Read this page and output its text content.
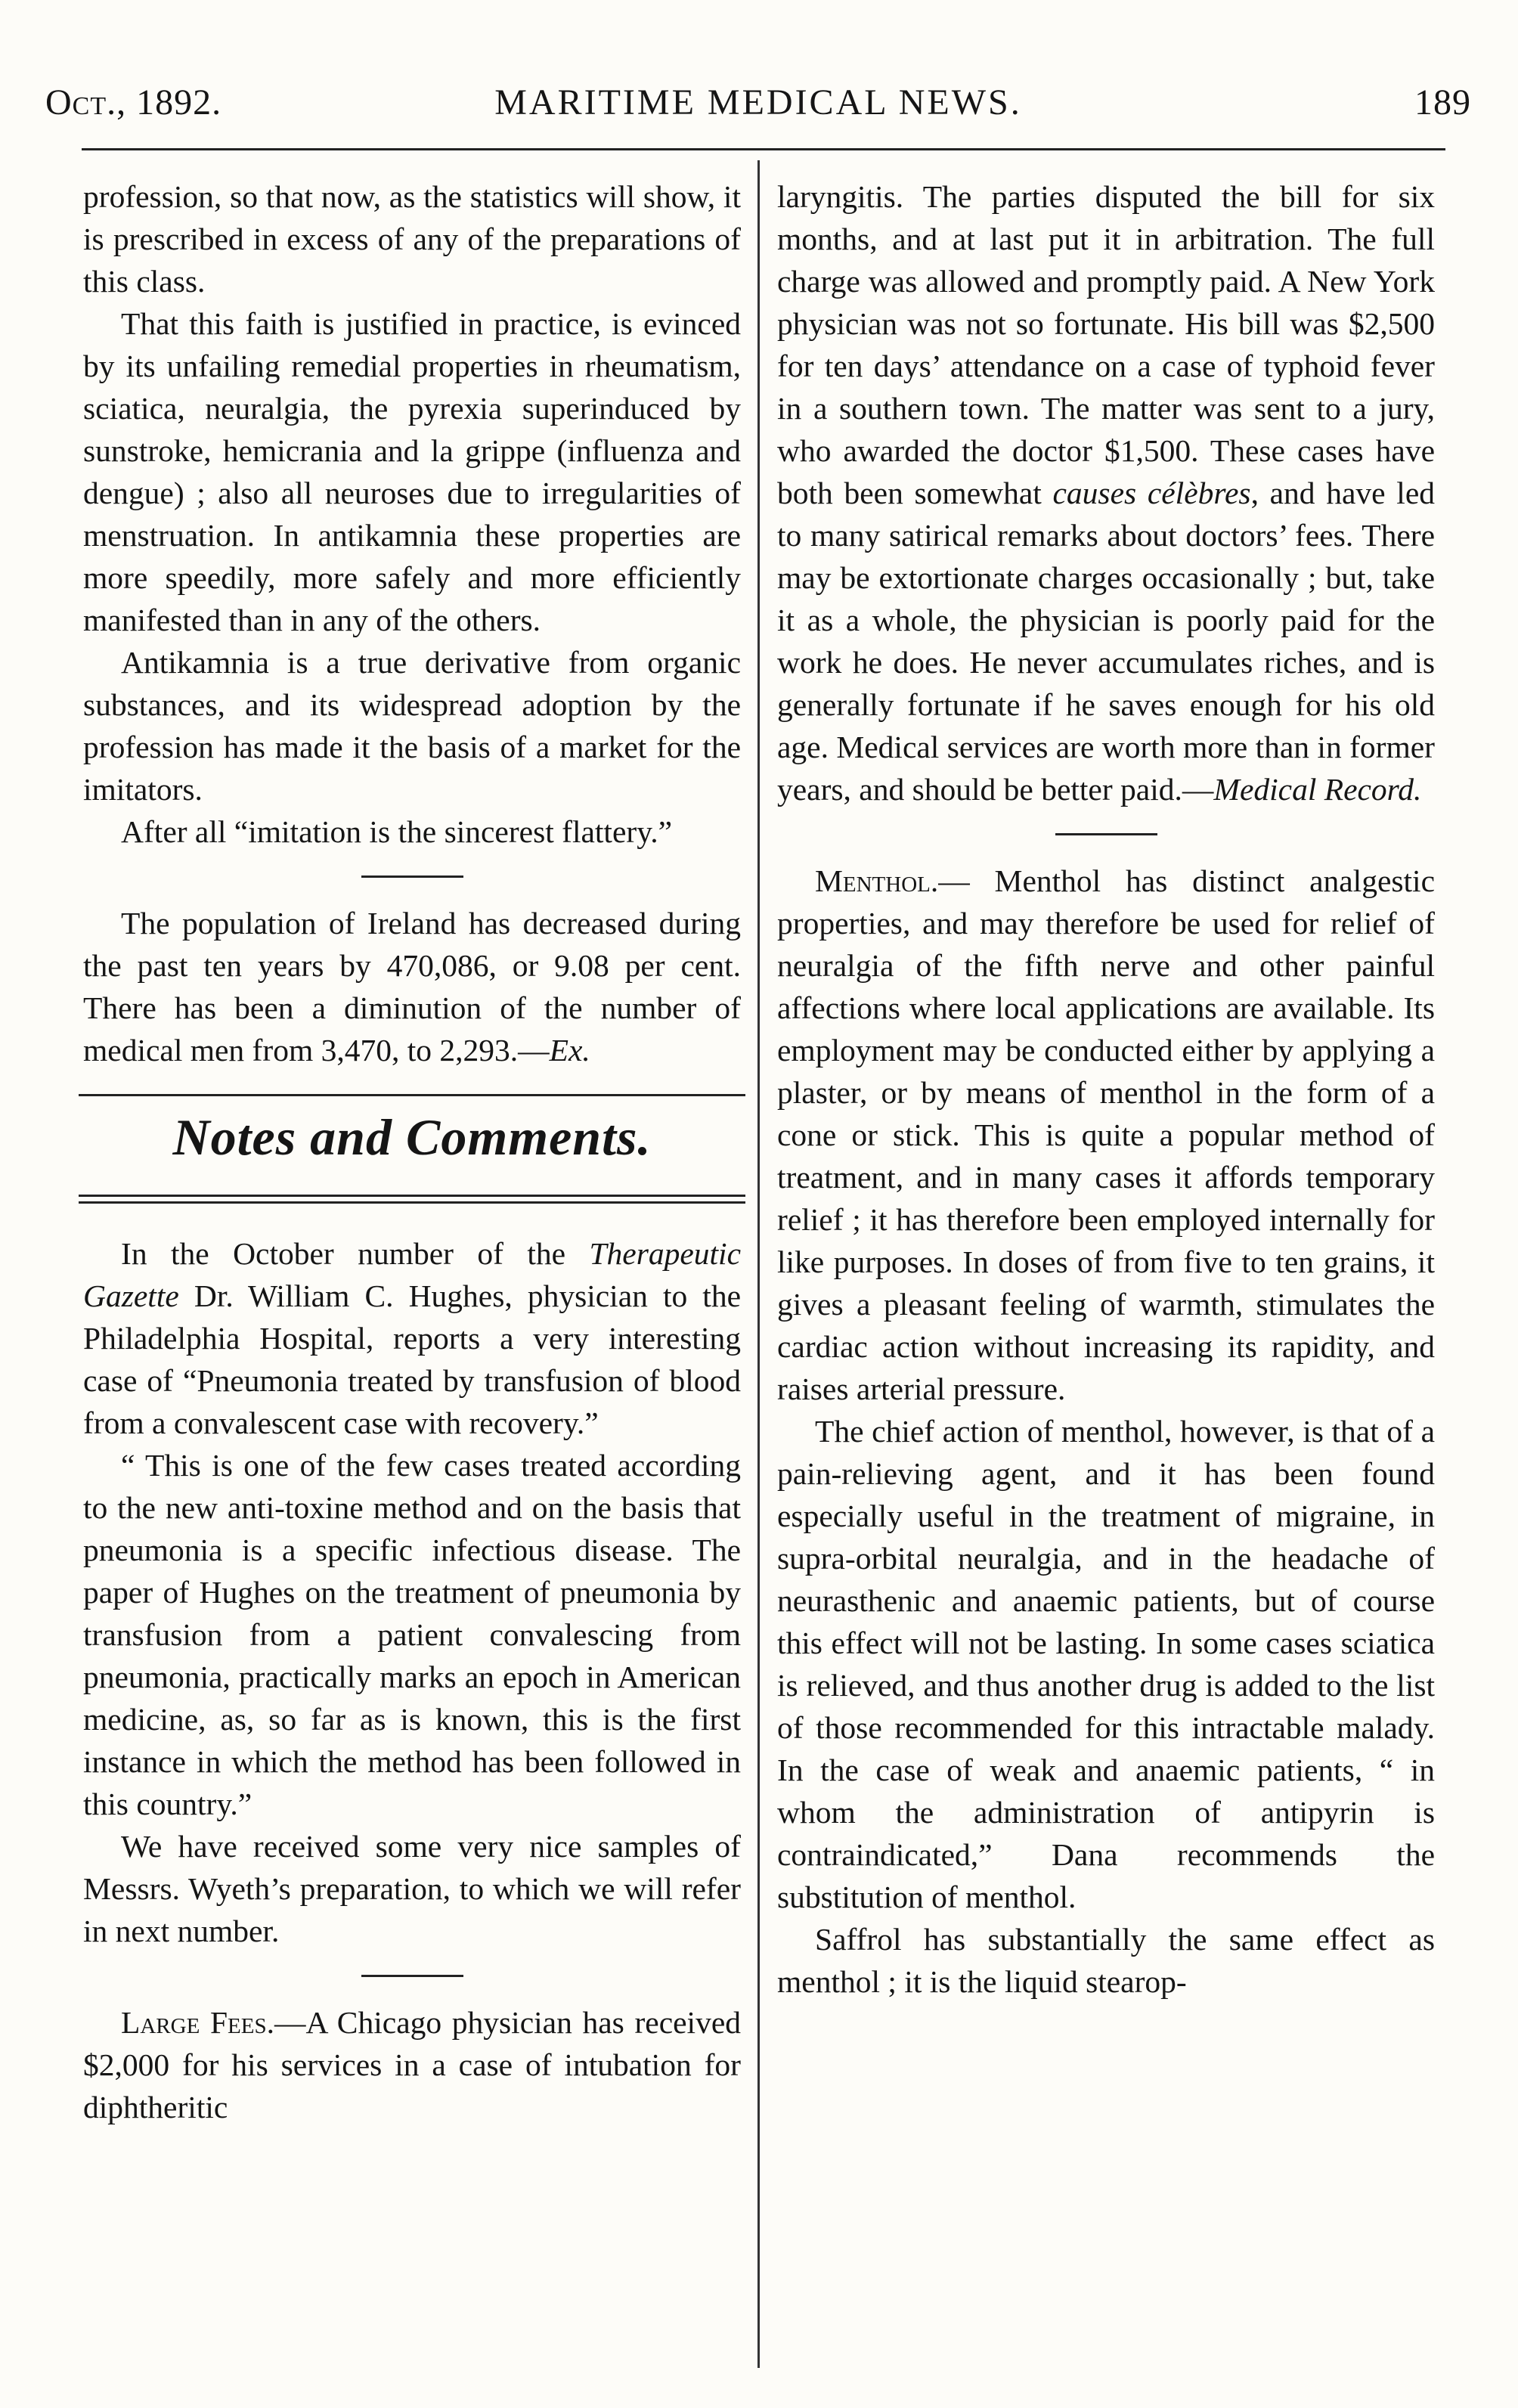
Oct., 1892.	MARITIME MEDICAL NEWS.	189

profession, so that now, as the statistics will show, it is prescribed in excess of any of the preparations of this class.

That this faith is justified in practice, is evinced by its unfailing remedial properties in rheumatism, sciatica, neuralgia, the pyrexia superinduced by sunstroke, hemicrania and la grippe (influenza and dengue) ; also all neuroses due to irregularities of menstruation. In antikamnia these properties are more speedily, more safely and more efficiently manifested than in any of the others.

Antikamnia is a true derivative from organic substances, and its widespread adoption by the profession has made it the basis of a market for the imitators.

After all “imitation is the sincerest flattery.”

The population of Ireland has decreased during the past ten years by 470,086, or 9.08 per cent. There has been a diminution of the number of medical men from 3,470, to 2,293.—Ex.

Notes and Comments.

In the October number of the Therapeutic Gazette Dr. William C. Hughes, physician to the Philadelphia Hospital, reports a very interesting case of “Pneumonia treated by transfusion of blood from a convalescent case with recovery.”

“ This is one of the few cases treated according to the new anti-toxine method and on the basis that pneumonia is a specific infectious disease. The paper of Hughes on the treatment of pneumonia by transfusion from a patient convalescing from pneumonia, practically marks an epoch in American medicine, as, so far as is known, this is the first instance in which the method has been followed in this country.”

We have received some very nice samples of Messrs. Wyeth’s preparation, to which we will refer in next number.

Large Fees.—A Chicago physician has received $2,000 for his services in a case of intubation for diphtheritic

laryngitis. The parties disputed the bill for six months, and at last put it in arbitration. The full charge was allowed and promptly paid. A New York physician was not so fortunate. His bill was $2,500 for ten days’ attendance on a case of typhoid fever in a southern town. The matter was sent to a jury, who awarded the doctor $1,500. These cases have both been somewhat causes célèbres, and have led to many satirical remarks about doctors’ fees. There may be extortionate charges occasionally ; but, take it as a whole, the physician is poorly paid for the work he does. He never accumulates riches, and is generally fortunate if he saves enough for his old age. Medical services are worth more than in former years, and should be better paid.—Medical Record.

Menthol.— Menthol has distinct analgestic properties, and may therefore be used for relief of neuralgia of the fifth nerve and other painful affections where local applications are available. Its employment may be conducted either by applying a plaster, or by means of menthol in the form of a cone or stick. This is quite a popular method of treatment, and in many cases it affords temporary relief ; it has therefore been employed internally for like purposes. In doses of from five to ten grains, it gives a pleasant feeling of warmth, stimulates the cardiac action without increasing its rapidity, and raises arterial pressure.

The chief action of menthol, however, is that of a pain-relieving agent, and it has been found especially useful in the treatment of migraine, in supra-orbital neuralgia, and in the headache of neurasthenic and anaemic patients, but of course this effect will not be lasting. In some cases sciatica is relieved, and thus another drug is added to the list of those recommended for this intractable malady. In the case of weak and anaemic patients, “ in whom the administration of antipyrin is contraindicated,” Dana recommends the substitution of menthol.

Saffrol has substantially the same effect as menthol ; it is the liquid stearop-
